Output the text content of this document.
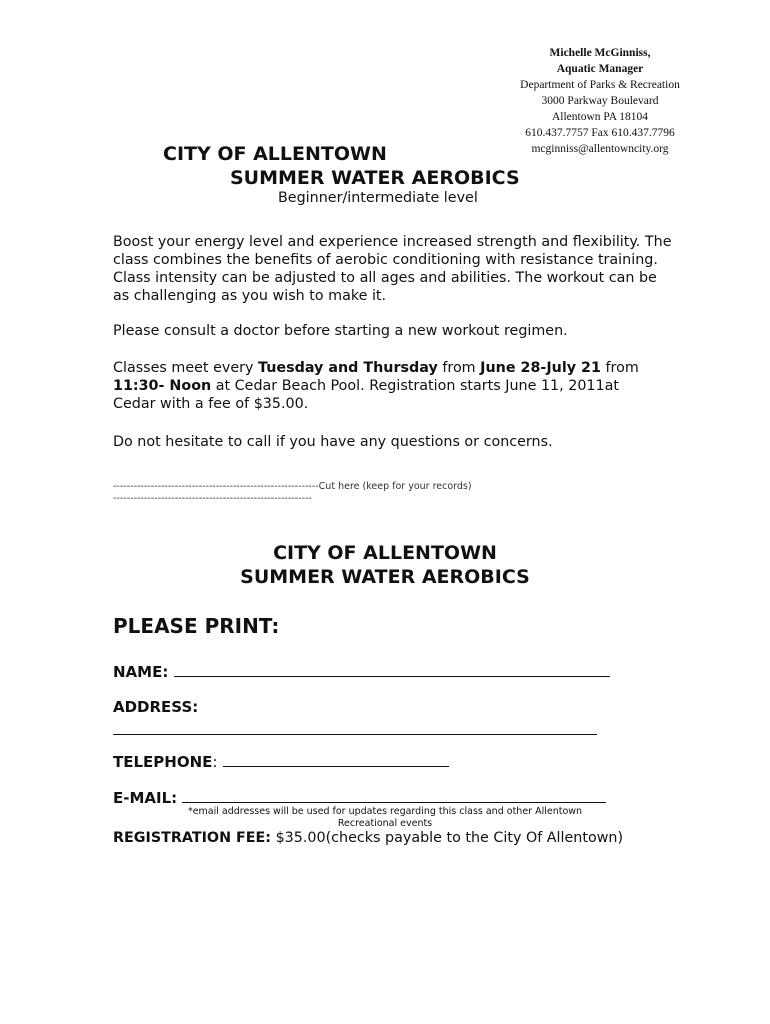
Michelle McGinniss,
Aquatic Manager
Department of Parks & Recreation
3000 Parkway Boulevard
Allentown PA 18104
610.437.7757 Fax 610.437.7796
mcginniss@allentowncity.org
CITY OF ALLENTOWN
SUMMER WATER AEROBICS
Beginner/intermediate level
Boost your energy level and experience increased strength and flexibility. The class combines the benefits of aerobic conditioning with resistance training. Class intensity can be adjusted to all ages and abilities. The workout can be as challenging as you wish to make it.
Please consult a doctor before starting a new workout regimen.
Classes meet every Tuesday and Thursday from June 28-July 21 from 11:30- Noon at Cedar Beach Pool. Registration starts June 11, 2011at Cedar with a fee of $35.00.
Do not hesitate to call if you have any questions or concerns.
------------------------------------------------------------Cut here (keep for your records)
----------------------------------------------------------
CITY OF ALLENTOWN
SUMMER WATER AEROBICS
PLEASE PRINT:
NAME:
ADDRESS:
TELEPHONE:
E-MAIL:
*email addresses will be used for updates regarding this class and other Allentown Recreational events
REGISTRATION FEE: $35.00(checks payable to the City Of Allentown)
